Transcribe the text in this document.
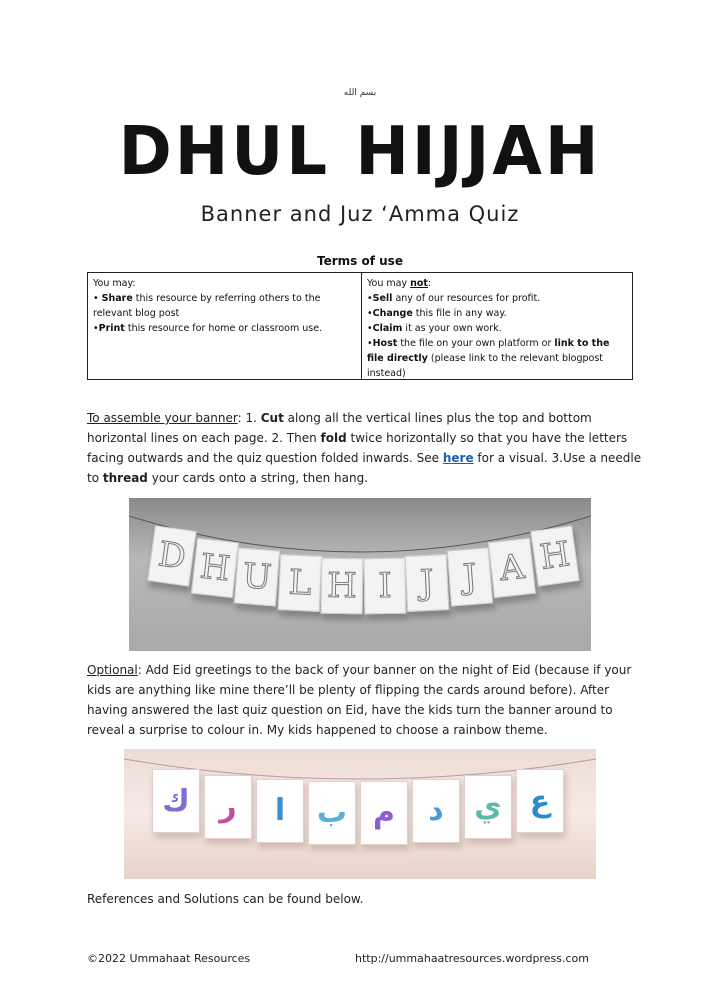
بسم الله
DHUL HIJJAH
Banner and Juz ‘Amma Quiz
Terms of use
You may:
• Share this resource by referring others to the relevant blog post
•Print this resource for home or classroom use.
You may not:
•Sell any of our resources for profit.
•Change this file in any way.
•Claim it as your own work.
•Host the file on your own platform or link to the file directly (please link to the relevant blogpost instead)
To assemble your banner: 1. Cut along all the vertical lines plus the top and bottom horizontal lines on each page. 2. Then fold twice horizontally so that you have the letters facing outwards and the quiz question folded inwards. See here for a visual. 3.Use a needle to thread your cards onto a string, then hang.
D H U L H I J J A H
Optional: Add Eid greetings to the back of your banner on the night of Eid (because if your kids are anything like mine there’ll be plenty of flipping the cards around before). After having answered the last quiz question on Eid, have the kids turn the banner around to reveal a surprise to colour in. My kids happened to choose a rainbow theme.
ك ر	ا	ب م	د	ي ع
References and Solutions can be found below.
©2022 Ummahaat Resources	http://ummahaatresources.wordpress.com
